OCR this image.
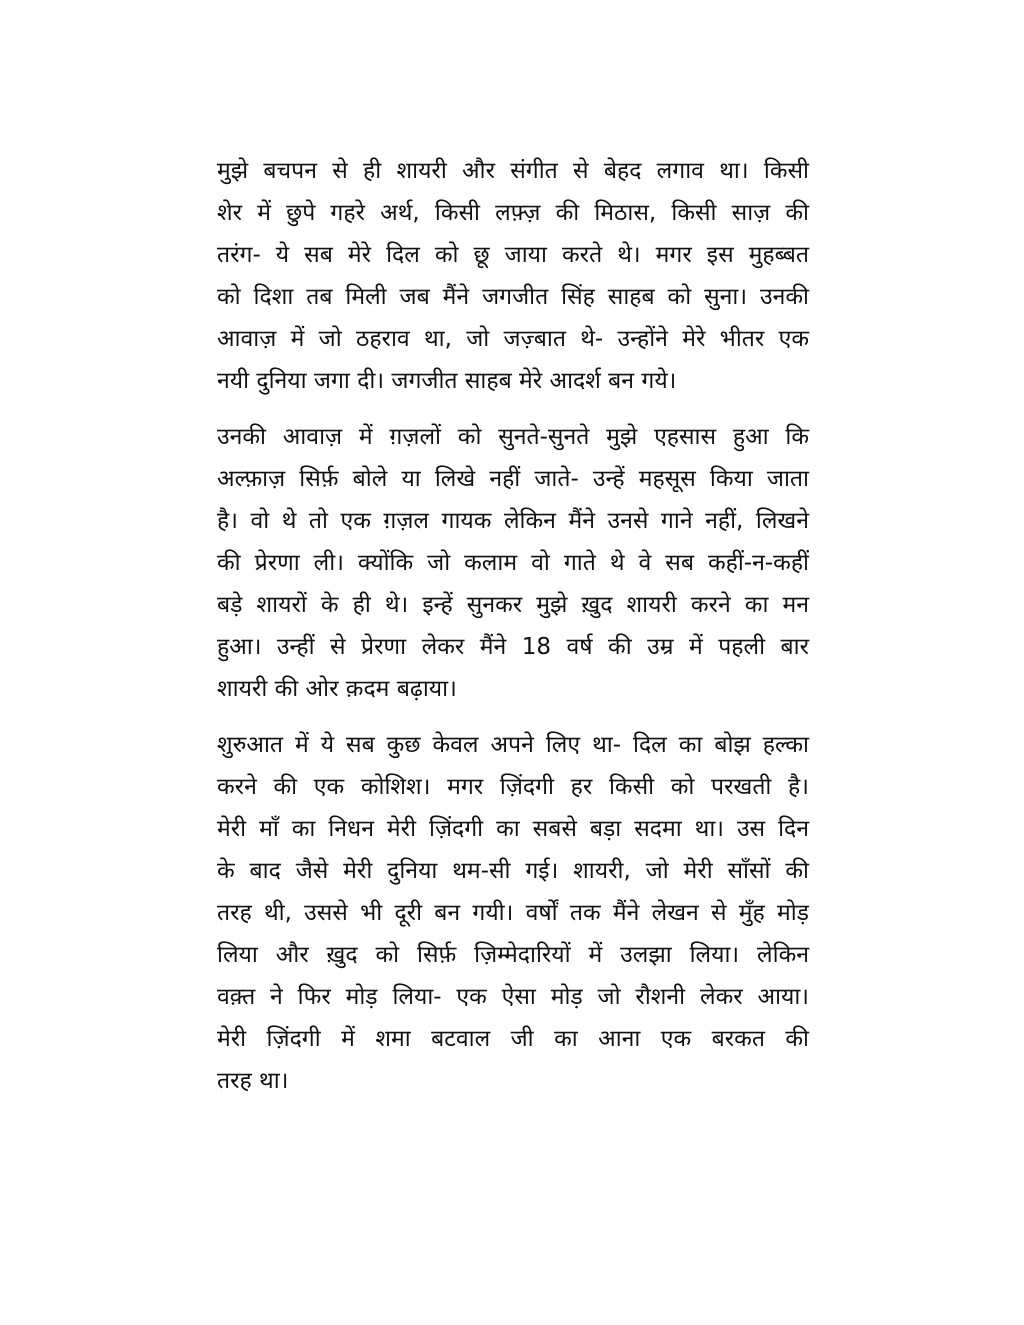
मुझे बचपन से ही शायरी और संगीत से बेहद लगाव था। किसी
शेर में छुपे गहरे अर्थ, किसी लफ़्ज़ की मिठास, किसी साज़ की
तरंग- ये सब मेरे दिल को छू जाया करते थे। मगर इस मुहब्बत
को दिशा तब मिली जब मैंने जगजीत सिंह साहब को सुना। उनकी
आवाज़ में जो ठहराव था, जो जज़्बात थे- उन्होंने मेरे भीतर एक
नयी दुनिया जगा दी। जगजीत साहब मेरे आदर्श बन गये।

उनकी आवाज़ में ग़ज़लों को सुनते-सुनते मुझे एहसास हुआ कि
अल्फ़ाज़ सिर्फ़ बोले या लिखे नहीं जाते- उन्हें महसूस किया जाता
है। वो थे तो एक ग़ज़ल गायक लेकिन मैंने उनसे गाने नहीं, लिखने
की प्रेरणा ली। क्योंकि जो कलाम वो गाते थे वे सब कहीं-न-कहीं
बड़े शायरों के ही थे। इन्हें सुनकर मुझे ख़ुद शायरी करने का मन
हुआ। उन्हीं से प्रेरणा लेकर मैंने 18 वर्ष की उम्र में पहली बार
शायरी की ओर क़दम बढ़ाया।

शुरुआत में ये सब कुछ केवल अपने लिए था- दिल का बोझ हल्का
करने की एक कोशिश। मगर ज़िंदगी हर किसी को परखती है।
मेरी माँ का निधन मेरी ज़िंदगी का सबसे बड़ा सदमा था। उस दिन
के बाद जैसे मेरी दुनिया थम-सी गई। शायरी, जो मेरी साँसों की
तरह थी, उससे भी दूरी बन गयी। वर्षों तक मैंने लेखन से मुँह मोड़
लिया और ख़ुद को सिर्फ़ ज़िम्मेदारियों में उलझा लिया। लेकिन
वक़्त ने फिर मोड़ लिया- एक ऐसा मोड़ जो रौशनी लेकर आया।
मेरी ज़िंदगी में शमा बटवाल जी का आना एक बरकत की
तरह था।
